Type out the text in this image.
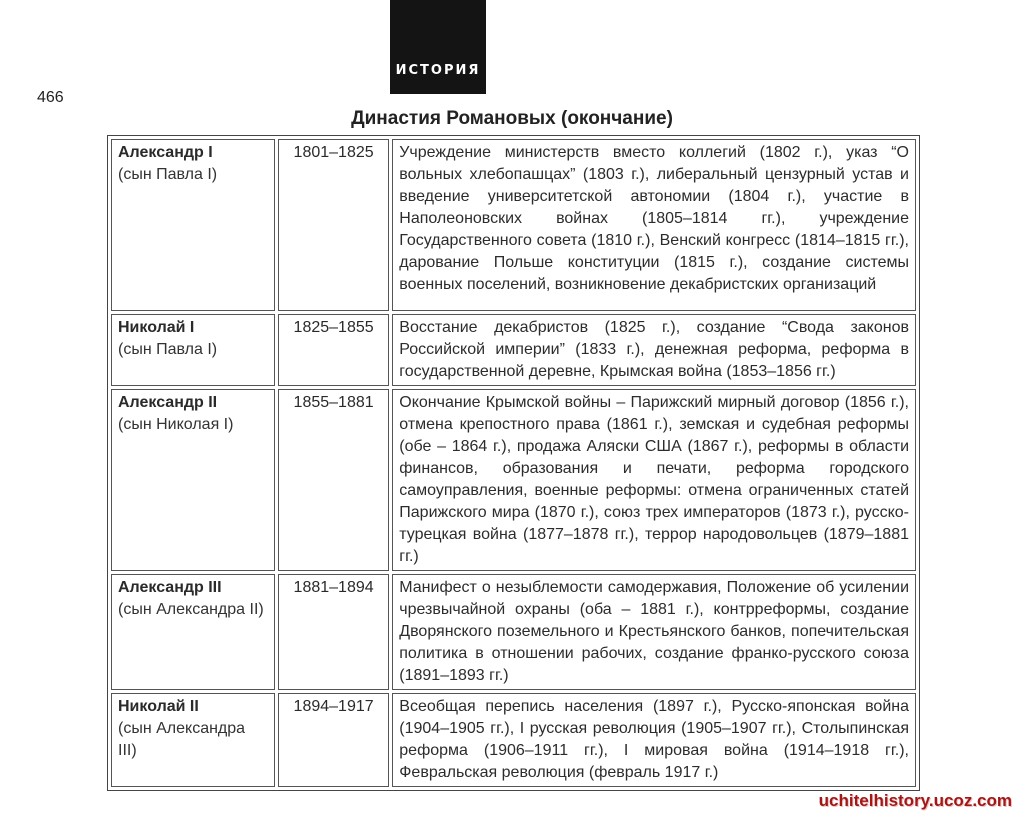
ИСТОРИЯ
466
Династия Романовых (окончание)
Александр I
(сын Павла I)	1801–1825	Учреждение министерств вместо коллегий (1802 г.), указ “О вольных хлебопашцах” (1803 г.), либеральный цензурный устав и введение университетской автономии (1804 г.), участие в Наполеоновских войнах (1805–1814 гг.), учреждение Государственного совета (1810 г.), Венский конгресс (1814–1815 гг.), дарование Польше конституции (1815 г.), создание системы военных поселений, возникновение декабристских организаций

Николай I
(сын Павла I)	1825–1855	Восстание декабристов (1825 г.), создание “Свода законов Российской империи” (1833 г.), денежная реформа, реформа в государственной деревне, Крымская война (1853–1856 гг.)

Александр II
(сын Николая I)	1855–1881	Окончание Крымской войны – Парижский мирный договор (1856 г.), отмена крепостного права (1861 г.), земская и судебная реформы (обе – 1864 г.), продажа Аляски США (1867 г.), реформы в области финансов, образования и печати, реформа городского самоуправления, военные реформы: отмена ограниченных статей Парижского мира (1870 г.), союз трех императоров (1873 г.), русско-турецкая война (1877–1878 гг.), террор народовольцев (1879–1881 гг.)

Александр III
(сын Александра II)	1881–1894	Манифест о незыблемости самодержавия, Положение об усилении чрезвычайной охраны (оба – 1881 г.), контрреформы, создание Дворянского поземельного и Крестьянского банков, попечительская политика в отношении рабочих, создание франко-русского союза (1891–1893 гг.)

Николай II
(сын Александра III)	1894–1917	Всеобщая перепись населения (1897 г.), Русско-японская война (1904–1905 гг.), I русская революция (1905–1907 гг.), Столыпинская реформа (1906–1911 гг.), I мировая война (1914–1918 гг.), Февральская революция (февраль 1917 г.)
uchitelhistory.ucoz.com
